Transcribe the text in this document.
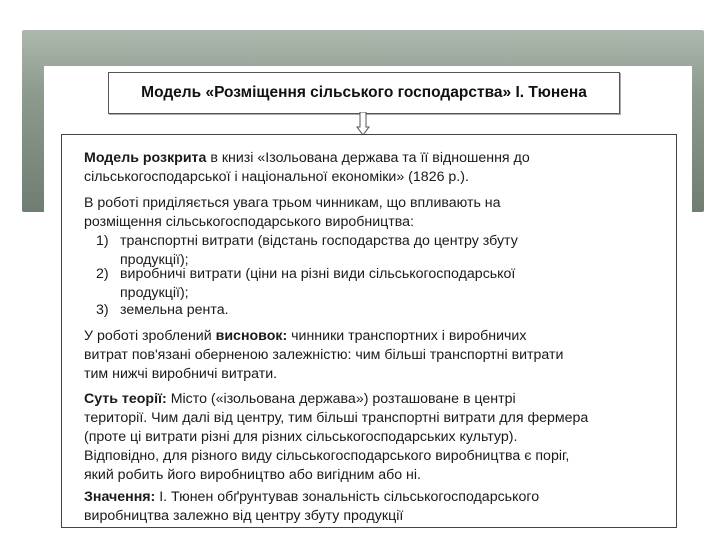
Модель «Розміщення сільського господарства» І. Тюнена

Модель розкрита в книзі «Ізольована держава та її відношення до

сільськогосподарської і національної економіки» (1826 р.).

В роботі приділяється увага трьом чинникам, що впливають на

розміщення сільськогосподарського виробництва:

1) транспортні витрати (відстань господарства до центру збуту
продукції);
2) виробничі витрати (ціни на різні види сільськогосподарської
продукції);
3) земельна рента.

У роботі зроблений висновок: чинники транспортних і виробничих

витрат пов'язані оберненою залежністю: чим більші транспортні витрати

тим нижчі виробничі витрати.

Суть теорії: Місто («ізольована держава») розташоване в центрі

території. Чим далі від центру, тим більші транспортні витрати для фермера

(проте ці витрати різні для різних сільськогосподарських культур).

Відповідно, для різного виду сільськогосподарського виробництва є поріг,

який робить його виробництво або вигідним або ні.

Значення: І. Тюнен обґрунтував зональність сільськогосподарського

виробництва залежно від центру збуту продукції
